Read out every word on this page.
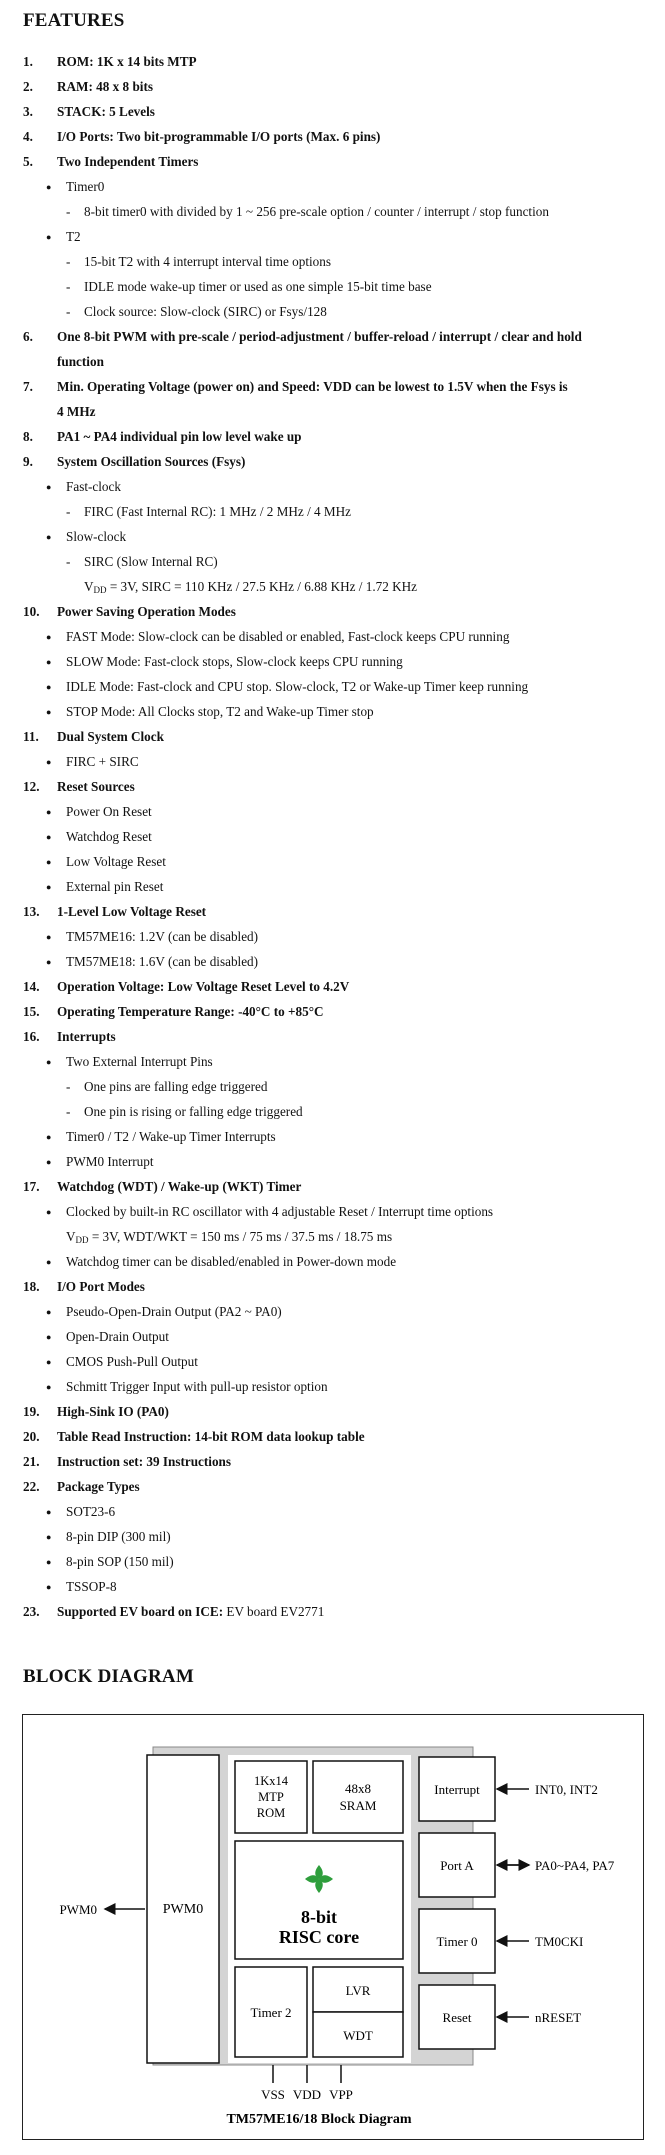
FEATURES
1. ROM: 1K x 14 bits MTP
2. RAM: 48 x 8 bits
3. STACK: 5 Levels
4. I/O Ports: Two bit-programmable I/O ports (Max. 6 pins)
5. Two Independent Timers
● Timer0
- 8-bit timer0 with divided by 1 ~ 256 pre-scale option / counter / interrupt / stop function
● T2
- 15-bit T2 with 4 interrupt interval time options
- IDLE mode wake-up timer or used as one simple 15-bit time base
- Clock source: Slow-clock (SIRC) or Fsys/128
6. One 8-bit PWM with pre-scale / period-adjustment / buffer-reload / interrupt / clear and hold
function
7. Min. Operating Voltage (power on) and Speed: VDD can be lowest to 1.5V when the Fsys is
4 MHz
8. PA1 ~ PA4 individual pin low level wake up
9. System Oscillation Sources (Fsys)
● Fast-clock
- FIRC (Fast Internal RC): 1 MHz / 2 MHz / 4 MHz
● Slow-clock
- SIRC (Slow Internal RC)
$V_{DD} = 3V$, SIRC = 110 KHz / 27.5 KHz / 6.88 KHz / 1.72 KHz
10. Power Saving Operation Modes
● FAST Mode: Slow-clock can be disabled or enabled, Fast-clock keeps CPU running
● SLOW Mode: Fast-clock stops, Slow-clock keeps CPU running
● IDLE Mode: Fast-clock and CPU stop. Slow-clock, T2 or Wake-up Timer keep running
● STOP Mode: All Clocks stop, T2 and Wake-up Timer stop
11. Dual System Clock
● FIRC + SIRC
12. Reset Sources
● Power On Reset
● Watchdog Reset
● Low Voltage Reset
● External pin Reset
13. 1-Level Low Voltage Reset
● TM57ME16: 1.2V (can be disabled)
● TM57ME18: 1.6V (can be disabled)
14. Operation Voltage: Low Voltage Reset Level to 4.2V
15. Operating Temperature Range: -40°C to +85°C
16. Interrupts
● Two External Interrupt Pins
- One pins are falling edge triggered
- One pin is rising or falling edge triggered
● Timer0 / T2 / Wake-up Timer Interrupts
● PWM0 Interrupt
17. Watchdog (WDT) / Wake-up (WKT) Timer
● Clocked by built-in RC oscillator with 4 adjustable Reset / Interrupt time options
$V_{DD} = 3V$, WDT/WKT = 150 ms / 75 ms / 37.5 ms / 18.75 ms
● Watchdog timer can be disabled/enabled in Power-down mode
18. I/O Port Modes
● Pseudo-Open-Drain Output (PA2 ~ PA0)
● Open-Drain Output
● CMOS Push-Pull Output
● Schmitt Trigger Input with pull-up resistor option
19. High-Sink IO (PA0)
20. Table Read Instruction: 14-bit ROM data lookup table
21. Instruction set: 39 Instructions
22. Package Types
● SOT23-6
● 8-pin DIP (300 mil)
● 8-pin SOP (150 mil)
● TSSOP-8
23. Supported EV board on ICE: EV board EV2771
BLOCK DIAGRAM
PWM0
1Kx14
MTP
ROM
48x8
SRAM
8-bit
RISC core
Timer 2
LVR
WDT
Interrupt
Port A
Timer 0
Reset
INT0, INT2
PA0~PA4, PA7
TM0CKI
nRESET
PWM0
VSS VDD VPP
TM57ME16/18 Block Diagram
